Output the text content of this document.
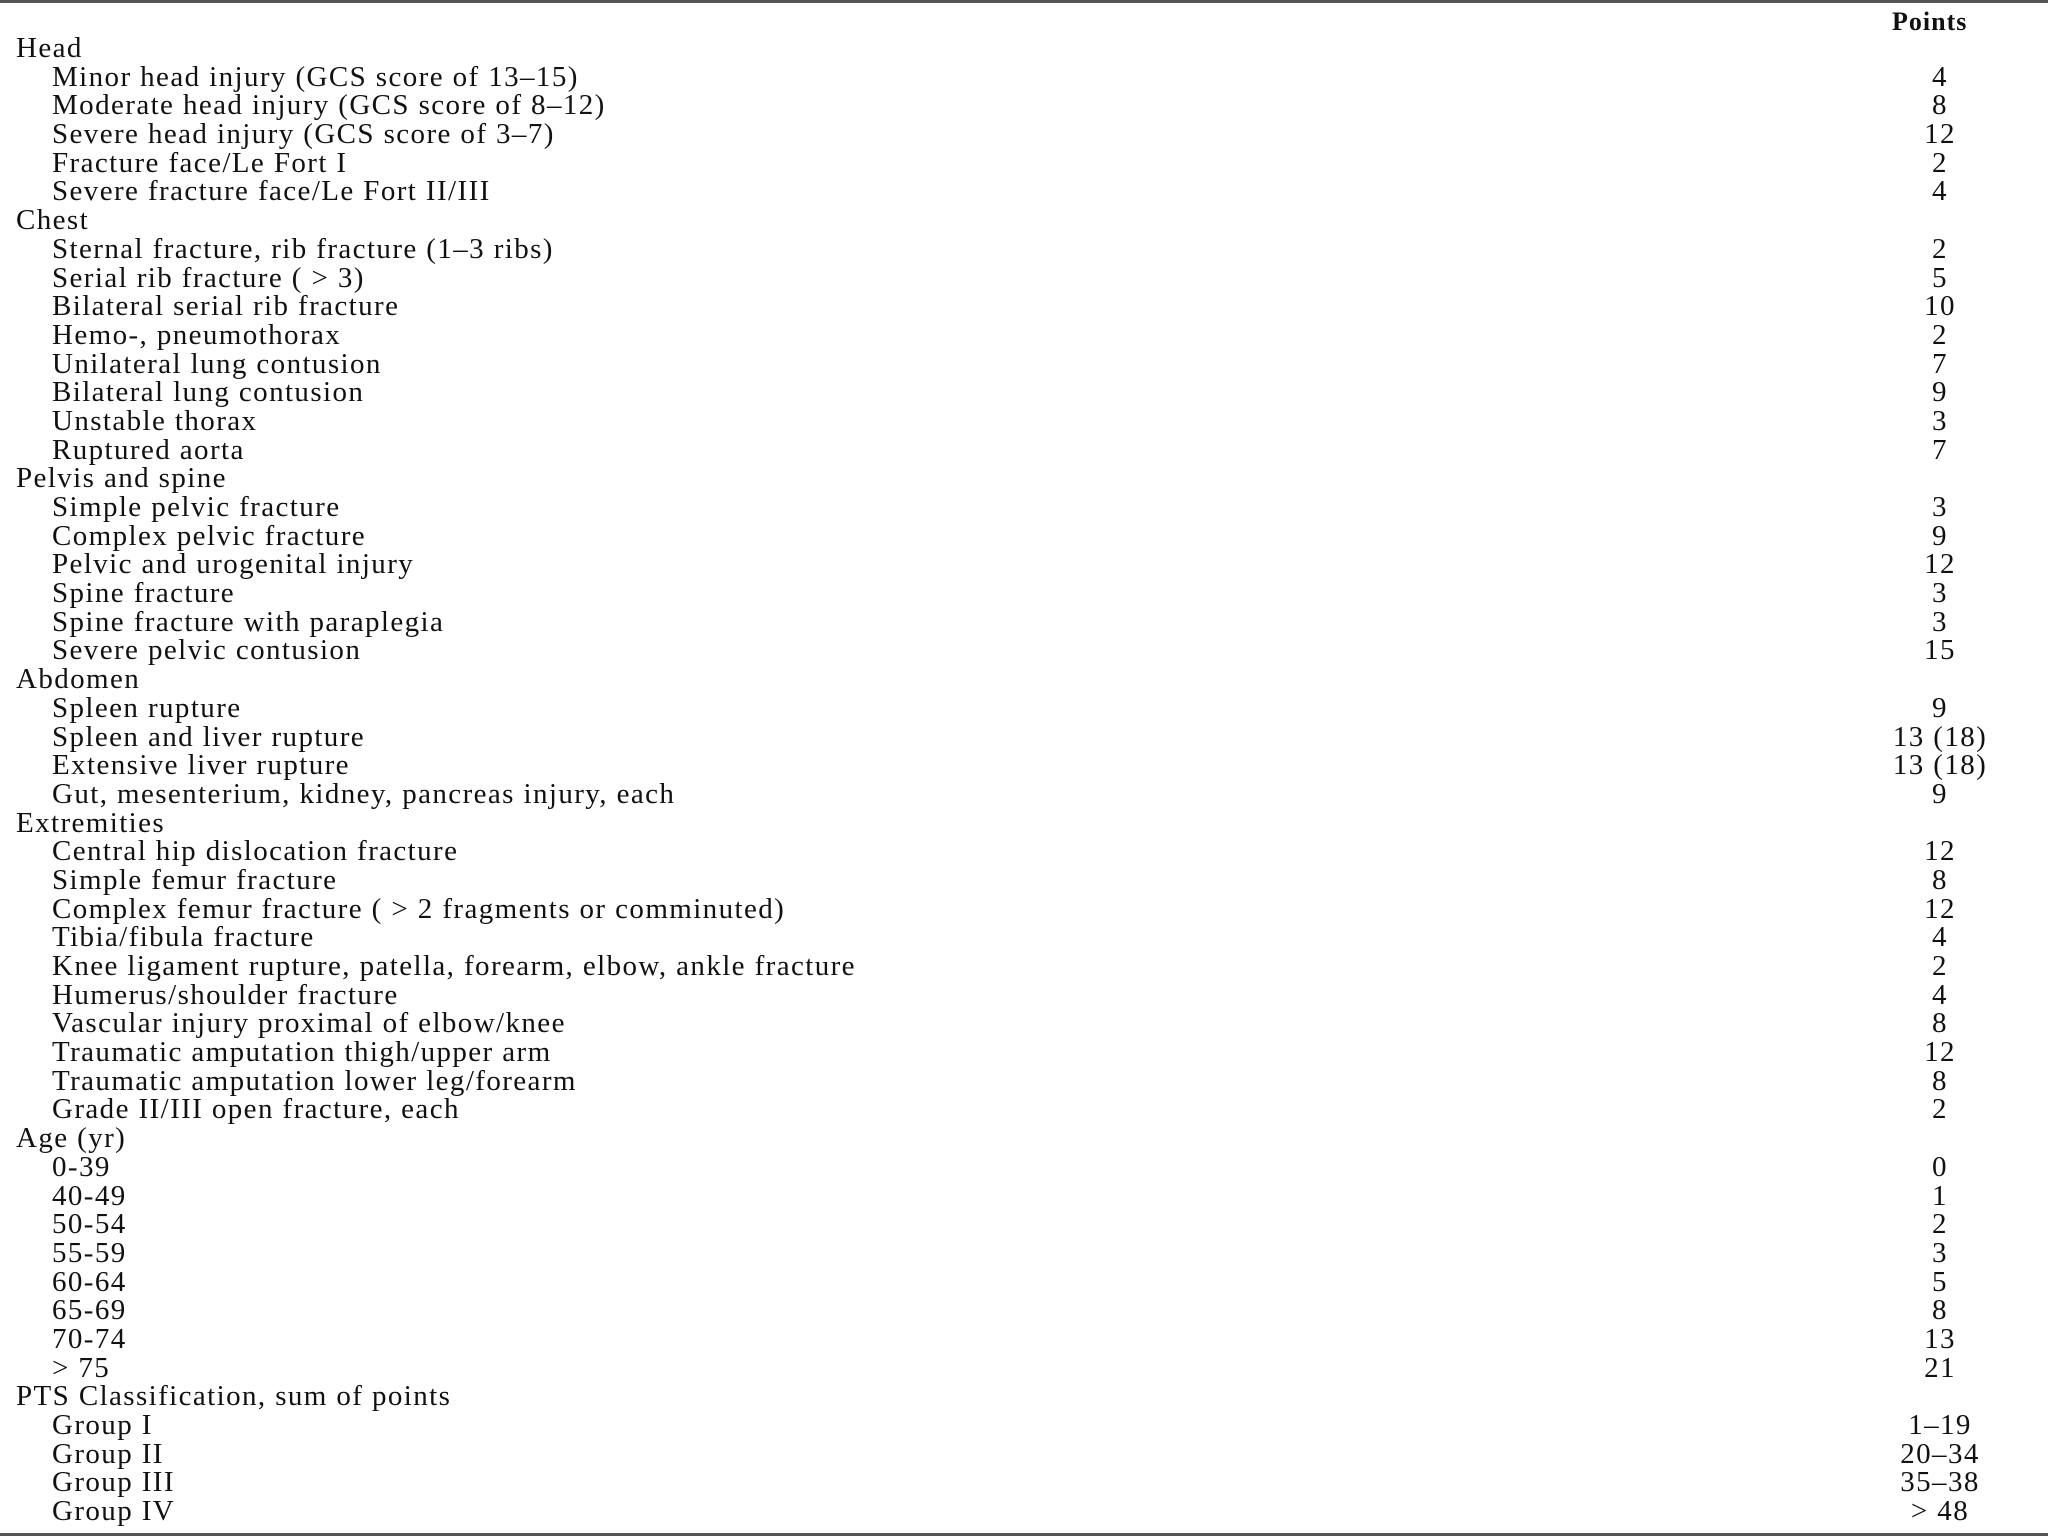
Points
Head
Minor head injury (GCS score of 13–15)	4
Moderate head injury (GCS score of 8–12)	8
Severe head injury (GCS score of 3–7)	12
Fracture face/Le Fort I	2
Severe fracture face/Le Fort II/III	4
Chest
Sternal fracture, rib fracture (1–3 ribs)	2
Serial rib fracture ( > 3)	5
Bilateral serial rib fracture	10
Hemo-, pneumothorax	2
Unilateral lung contusion	7
Bilateral lung contusion	9
Unstable thorax	3
Ruptured aorta	7
Pelvis and spine
Simple pelvic fracture	3
Complex pelvic fracture	9
Pelvic and urogenital injury	12
Spine fracture	3
Spine fracture with paraplegia	3
Severe pelvic contusion	15
Abdomen
Spleen rupture	9
Spleen and liver rupture	13 (18)
Extensive liver rupture	13 (18)
Gut, mesenterium, kidney, pancreas injury, each	9
Extremities
Central hip dislocation fracture	12
Simple femur fracture	8
Complex femur fracture ( > 2 fragments or comminuted)	12
Tibia/fibula fracture	4
Knee ligament rupture, patella, forearm, elbow, ankle fracture	2
Humerus/shoulder fracture	4
Vascular injury proximal of elbow/knee	8
Traumatic amputation thigh/upper arm	12
Traumatic amputation lower leg/forearm	8
Grade II/III open fracture, each	2
Age (yr)
0-39	0
40-49	1
50-54	2
55-59	3
60-64	5
65-69	8
70-74	13
> 75	21
PTS Classification, sum of points
Group I	1–19
Group II	20–34
Group III	35–38
Group IV	> 48
